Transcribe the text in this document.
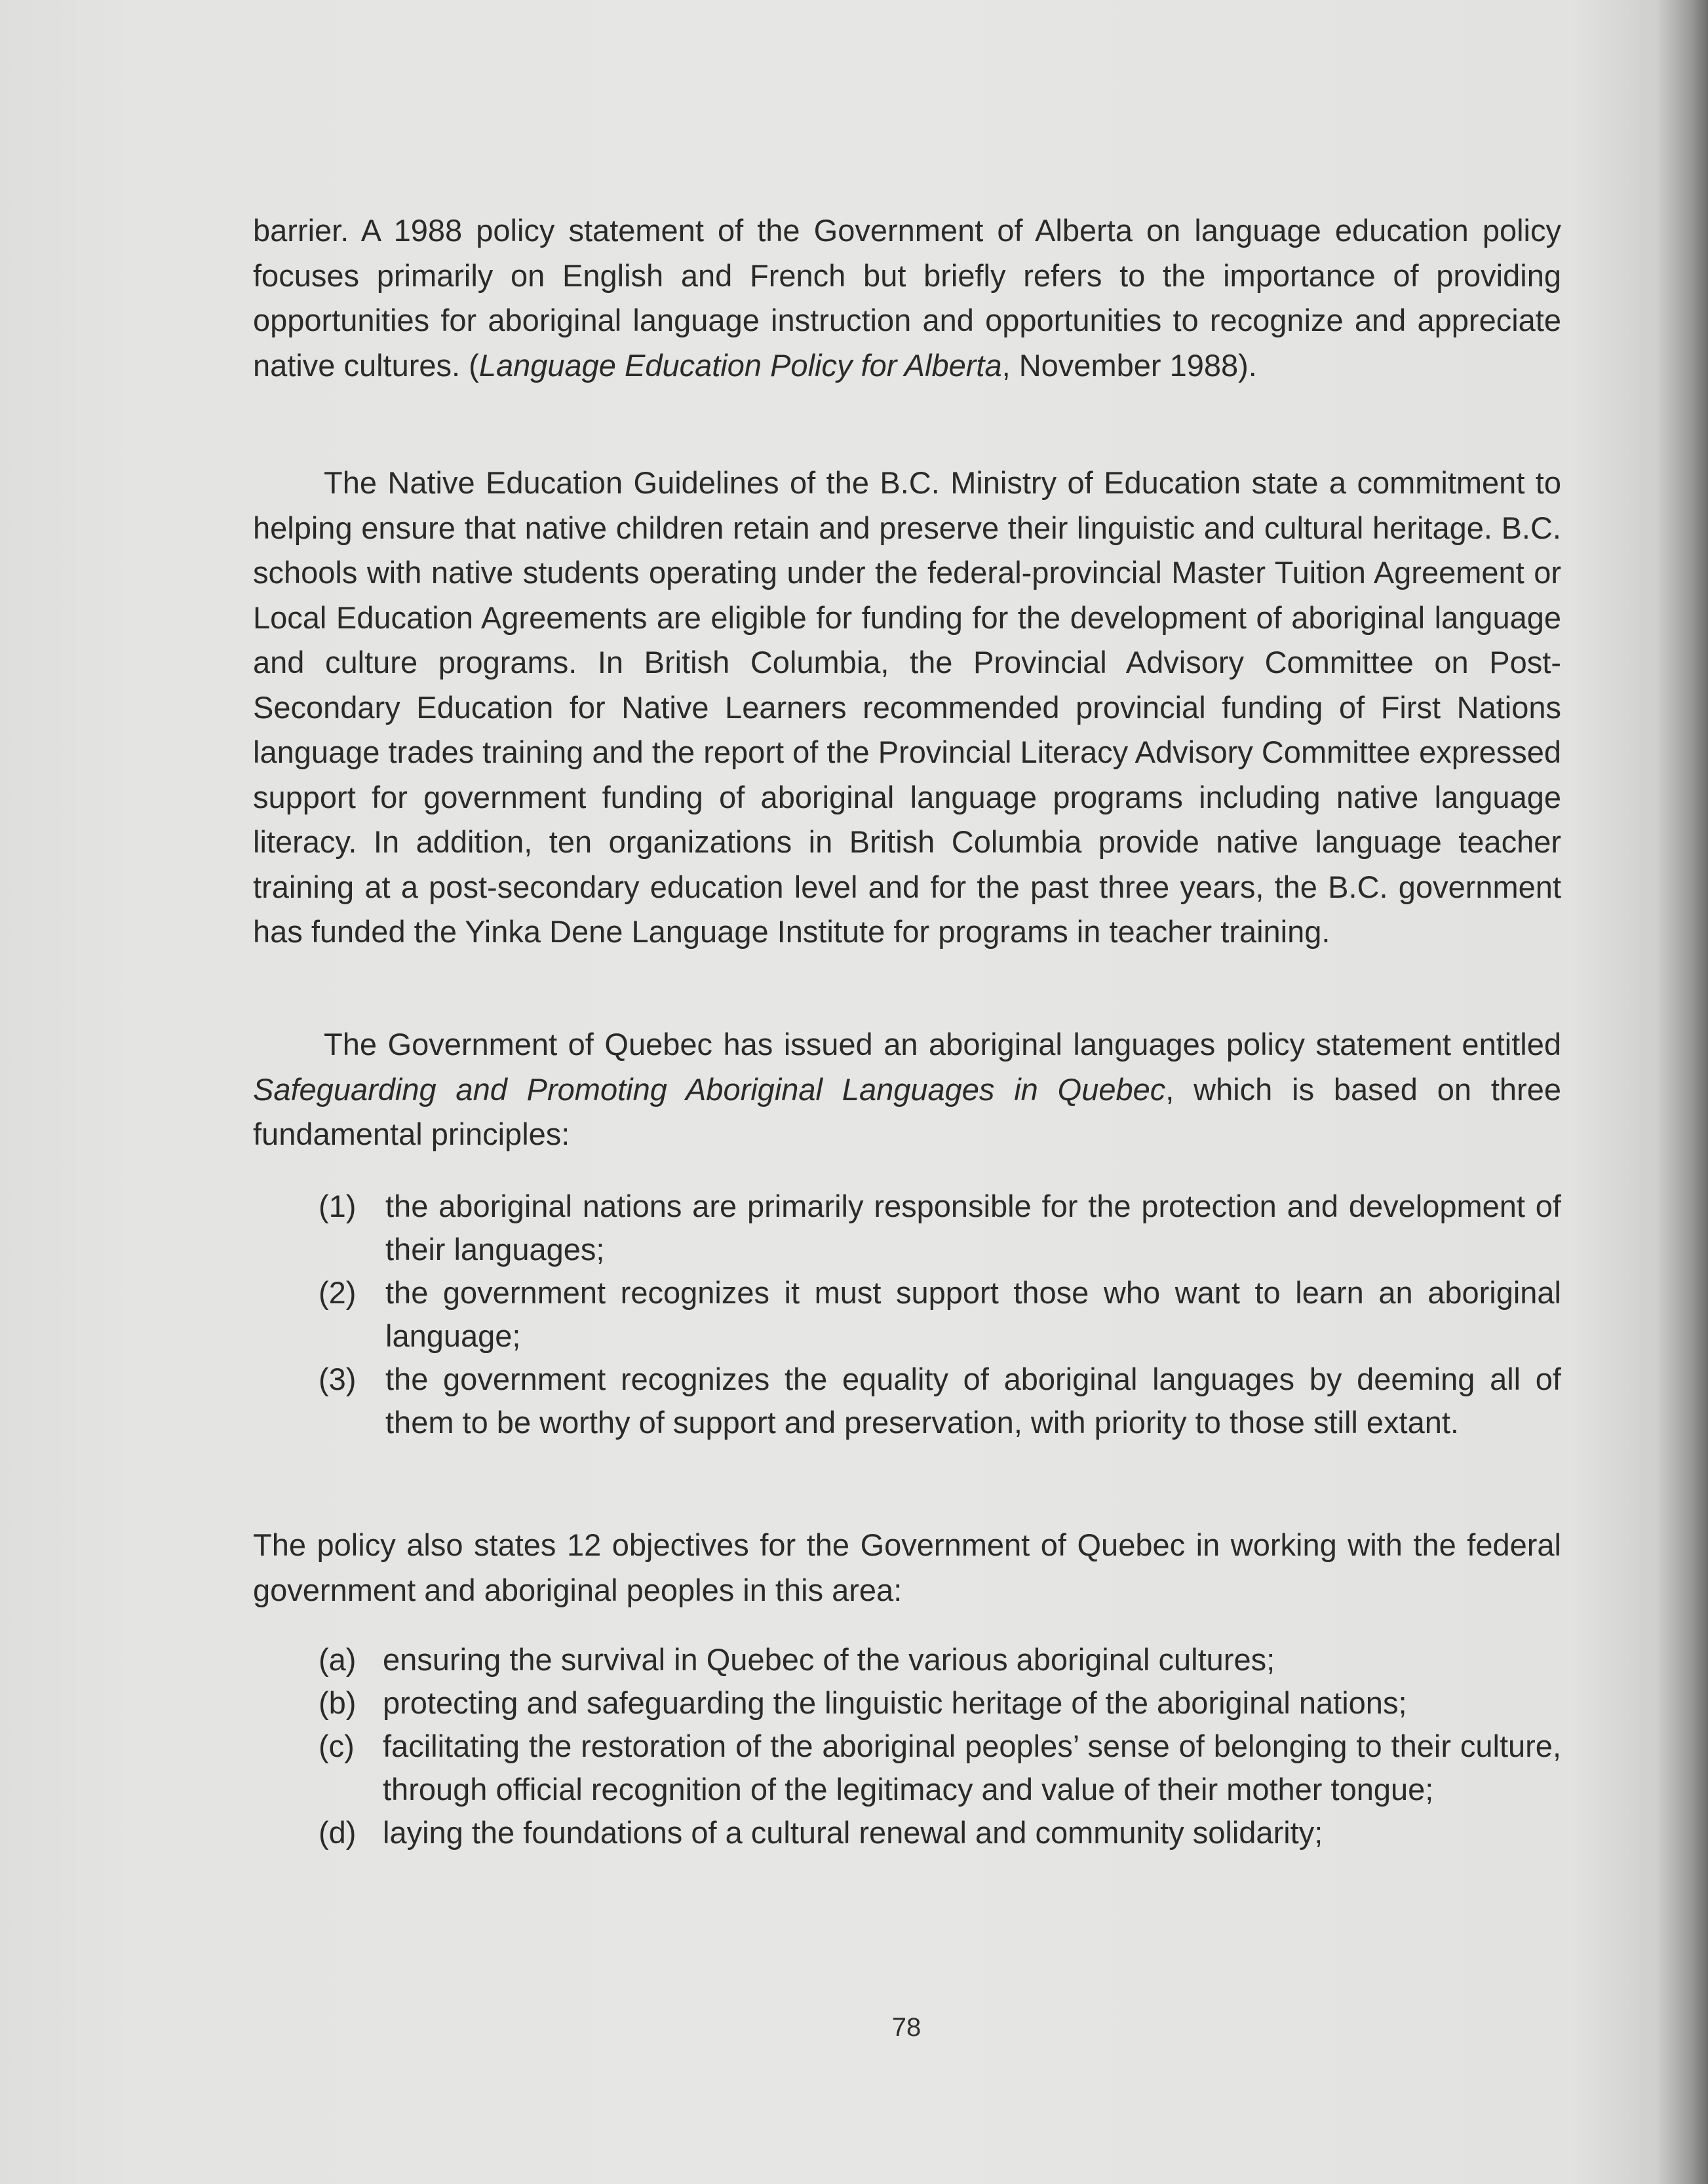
barrier. A 1988 policy statement of the Government of Alberta on language education policy focuses primarily on English and French but briefly refers to the importance of providing opportunities for aboriginal language instruction and opportunities to recognize and appreciate native cultures. (Language Education Policy for Alberta, November 1988).

The Native Education Guidelines of the B.C. Ministry of Education state a commitment to helping ensure that native children retain and preserve their linguistic and cultural heritage. B.C. schools with native students operating under the federal-provincial Master Tuition Agreement or Local Education Agreements are eligible for funding for the development of aboriginal language and culture programs. In British Columbia, the Provincial Advisory Committee on Post-Secondary Education for Native Learners recommended provincial funding of First Nations language trades training and the report of the Provincial Literacy Advisory Committee expressed support for government funding of aboriginal language programs including native language literacy. In addition, ten organizations in British Columbia provide native language teacher training at a post-secondary education level and for the past three years, the B.C. government has funded the Yinka Dene Language Institute for programs in teacher training.

The Government of Quebec has issued an aboriginal languages policy statement entitled Safeguarding and Promoting Aboriginal Languages in Quebec, which is based on three fundamental principles:

(1) the aboriginal nations are primarily responsible for the protection and development of their languages;
(2) the government recognizes it must support those who want to learn an aboriginal language;
(3) the government recognizes the equality of aboriginal languages by deeming all of them to be worthy of support and preservation, with priority to those still extant.

The policy also states 12 objectives for the Government of Quebec in working with the federal government and aboriginal peoples in this area:

(a) ensuring the survival in Quebec of the various aboriginal cultures;
(b) protecting and safeguarding the linguistic heritage of the aboriginal nations;
(c) facilitating the restoration of the aboriginal peoples’ sense of belonging to their culture, through official recognition of the legitimacy and value of their mother tongue;
(d) laying the foundations of a cultural renewal and community solidarity;
78
